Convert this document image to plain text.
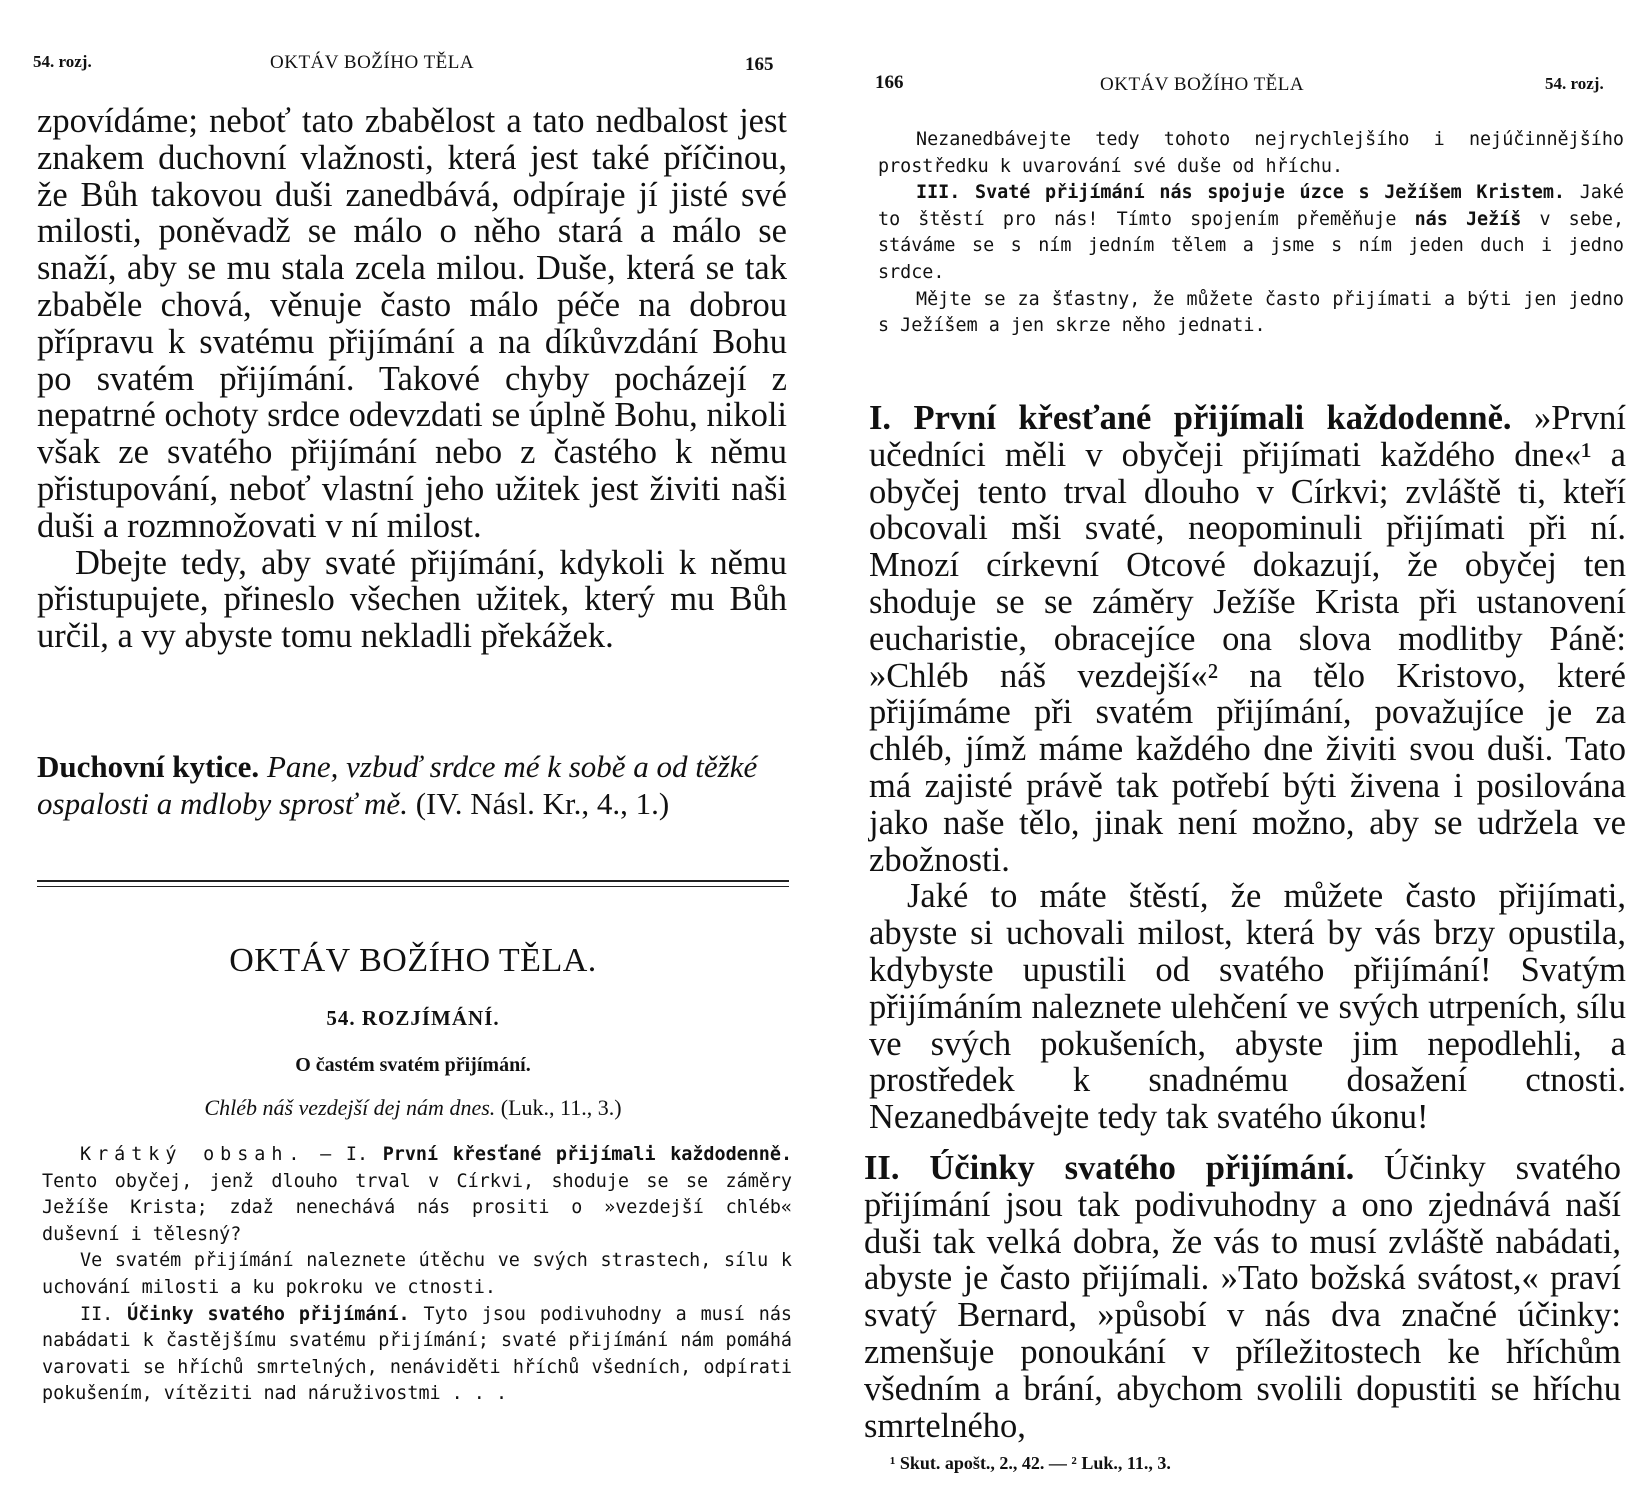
54. rozj.	OKTÁV BOŽÍHO TĚLA	165

zpovídáme; neboť tato zbabělost a tato nedbalost jest znakem duchovní vlažnosti, která jest také příčinou, že Bůh takovou duši zanedbává, odpíraje jí jisté své milosti, poněvadž se málo o něho stará a málo se snaží, aby se mu stala zcela milou. Duše, která se tak zbaběle chová, věnuje často málo péče na dobrou přípravu k svatému přijímání a na díkůvzdání Bohu po svatém přijímání. Takové chyby pocházejí z nepatrné ochoty srdce odevzdati se úplně Bohu, nikoli však ze svatého přijímání nebo z častého k němu přistupování, neboť vlastní jeho užitek jest živiti naši duši a rozmnožovati v ní milost.

Dbejte tedy, aby svaté přijímání, kdykoli k němu přistupujete, přineslo všechen užitek, který mu Bůh určil, a vy abyste tomu nekladli překážek.

Duchovní kytice. Pane, vzbuď srdce mé k sobě a od těžké ospalosti a mdloby sprosť mě. (IV. Násl. Kr., 4., 1.)
OKTÁV BOŽÍHO TĚLA.
54. ROZJÍMÁNÍ.
O častém svatém přijímání.
Chléb náš vezdejší dej nám dnes. (Luk., 11., 3.)

Krátký obsah. — I. První křesťané přijímali každodenně. Tento obyčej, jenž dlouho trval v Církvi, shoduje se se záměry Ježíše Krista; zdaž nenechává nás prositi o »vezdejší chléb« duševní i tělesný?

Ve svatém přijímání naleznete útěchu ve svých strastech, sílu k uchování milosti a ku pokroku ve ctnosti.

II. Účinky svatého přijímání. Tyto jsou podivuhodny a musí nás nabádati k častějšímu svatému přijímání; svaté přijímání nám pomáhá varovati se hříchů smrtelných, nenáviděti hříchů všedních, odpírati pokušením, vítěziti nad náruživostmi . . .

166	OKTÁV BOŽÍHO TĚLA	54. rozj.

Nezanedbávejte tedy tohoto nejrychlejšího i nejúčinnějšího prostředku k uvarování své duše od hříchu.

III. Svaté přijímání nás spojuje úzce s Ježíšem Kristem. Jaké to štěstí pro nás! Tímto spojením přeměňuje nás Ježíš v sebe, stáváme se s ním jedním tělem a jsme s ním jeden duch i jedno srdce.

Mějte se za šťastny, že můžete často přijímati a býti jen jedno s Ježíšem a jen skrze něho jednati.

I. První křesťané přijímali každodenně. »První učedníci měli v obyčeji přijímati každého dne«¹ a obyčej tento trval dlouho v Církvi; zvláště ti, kteří obcovali mši svaté, neopominuli přijímati při ní. Mnozí církevní Otcové dokazují, že obyčej ten shoduje se se záměry Ježíše Krista při ustanovení eucharistie, obracejíce ona slova modlitby Páně: »Chléb náš vezdejší«² na tělo Kristovo, které přijímáme při svatém přijímání, považujíce je za chléb, jímž máme každého dne živiti svou duši. Tato má zajisté právě tak potřebí býti živena i posilována jako naše tělo, jinak není možno, aby se udržela ve zbožnosti.

Jaké to máte štěstí, že můžete často přijímati, abyste si uchovali milost, která by vás brzy opustila, kdybyste upustili od svatého přijímání! Svatým přijímáním naleznete ulehčení ve svých utrpeních, sílu ve svých pokušeních, abyste jim nepodlehli, a prostředek k snadnému dosažení ctnosti. Nezanedbávejte tedy tak svatého úkonu!

II. Účinky svatého přijímání. Účinky svatého přijímání jsou tak podivuhodny a ono zjednává naší duši tak velká dobra, že vás to musí zvláště nabádati, abyste je často přijímali. »Tato božská svátost,« praví svatý Bernard, »působí v nás dva značné účinky: zmenšuje ponoukání v příležitostech ke hříchům všedním a brání, abychom svolili dopustiti se hříchu smrtelného,

¹ Skut. apošt., 2., 42. — ² Luk., 11., 3.
